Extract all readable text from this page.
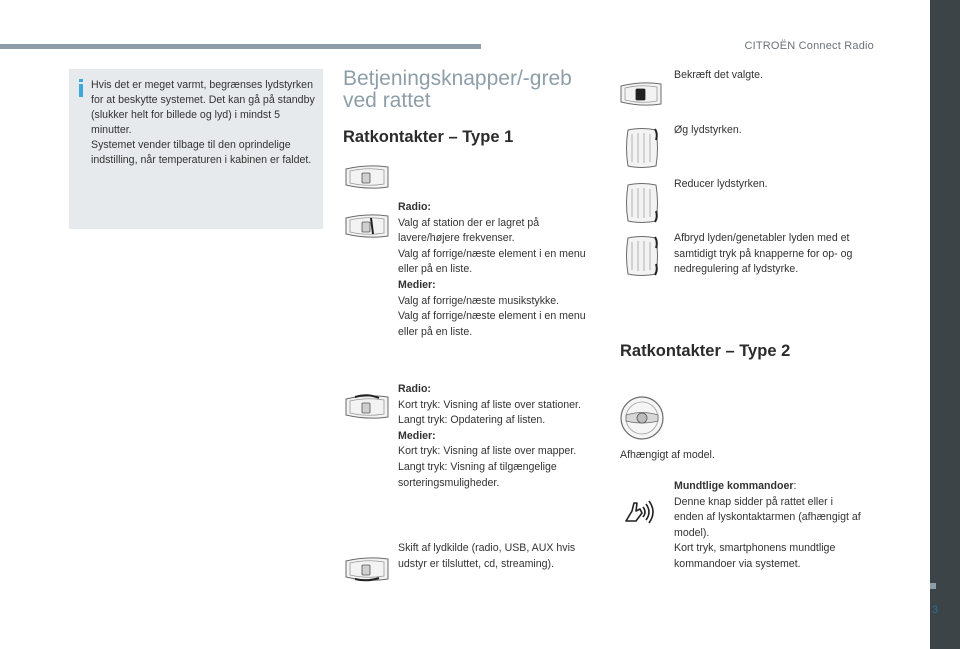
CITROËN Connect Radio
3

Hvis det er meget varmt, begrænses lydstyrken for at beskytte systemet. Det kan gå på standby (slukker helt for billede og lyd) i mindst 5 minutter.

Systemet vender tilbage til den oprindelige indstilling, når temperaturen i kabinen er faldet.

Betjeningsknapper/-greb ved rattet
Ratkontakter – Type 1
Ratkontakter – Type 2

Radio:

Valg af station der er lagret på lavere/højere frekvenser.

Valg af forrige/næste element i en menu eller på en liste.

Medier:

Valg af forrige/næste musikstykke.

Valg af forrige/næste element i en menu eller på en liste.

Radio:

Kort tryk: Visning af liste over stationer.

Langt tryk: Opdatering af listen.

Medier:

Kort tryk: Visning af liste over mapper.

Langt tryk: Visning af tilgængelige sorteringsmuligheder.

Skift af lydkilde (radio, USB, AUX hvis udstyr er tilsluttet, cd, streaming).

Bekræft det valgte.

Øg lydstyrken.

Reducer lydstyrken.

Afbryd lyden/genetabler lyden med et samtidigt tryk på knapperne for op- og nedregulering af lydstyrke.

Afhængigt af model.

Mundtlige kommandoer:

Denne knap sidder på rattet eller i enden af lyskontaktarmen (afhængigt af model).

Kort tryk, smartphonens mundtlige kommandoer via systemet.
